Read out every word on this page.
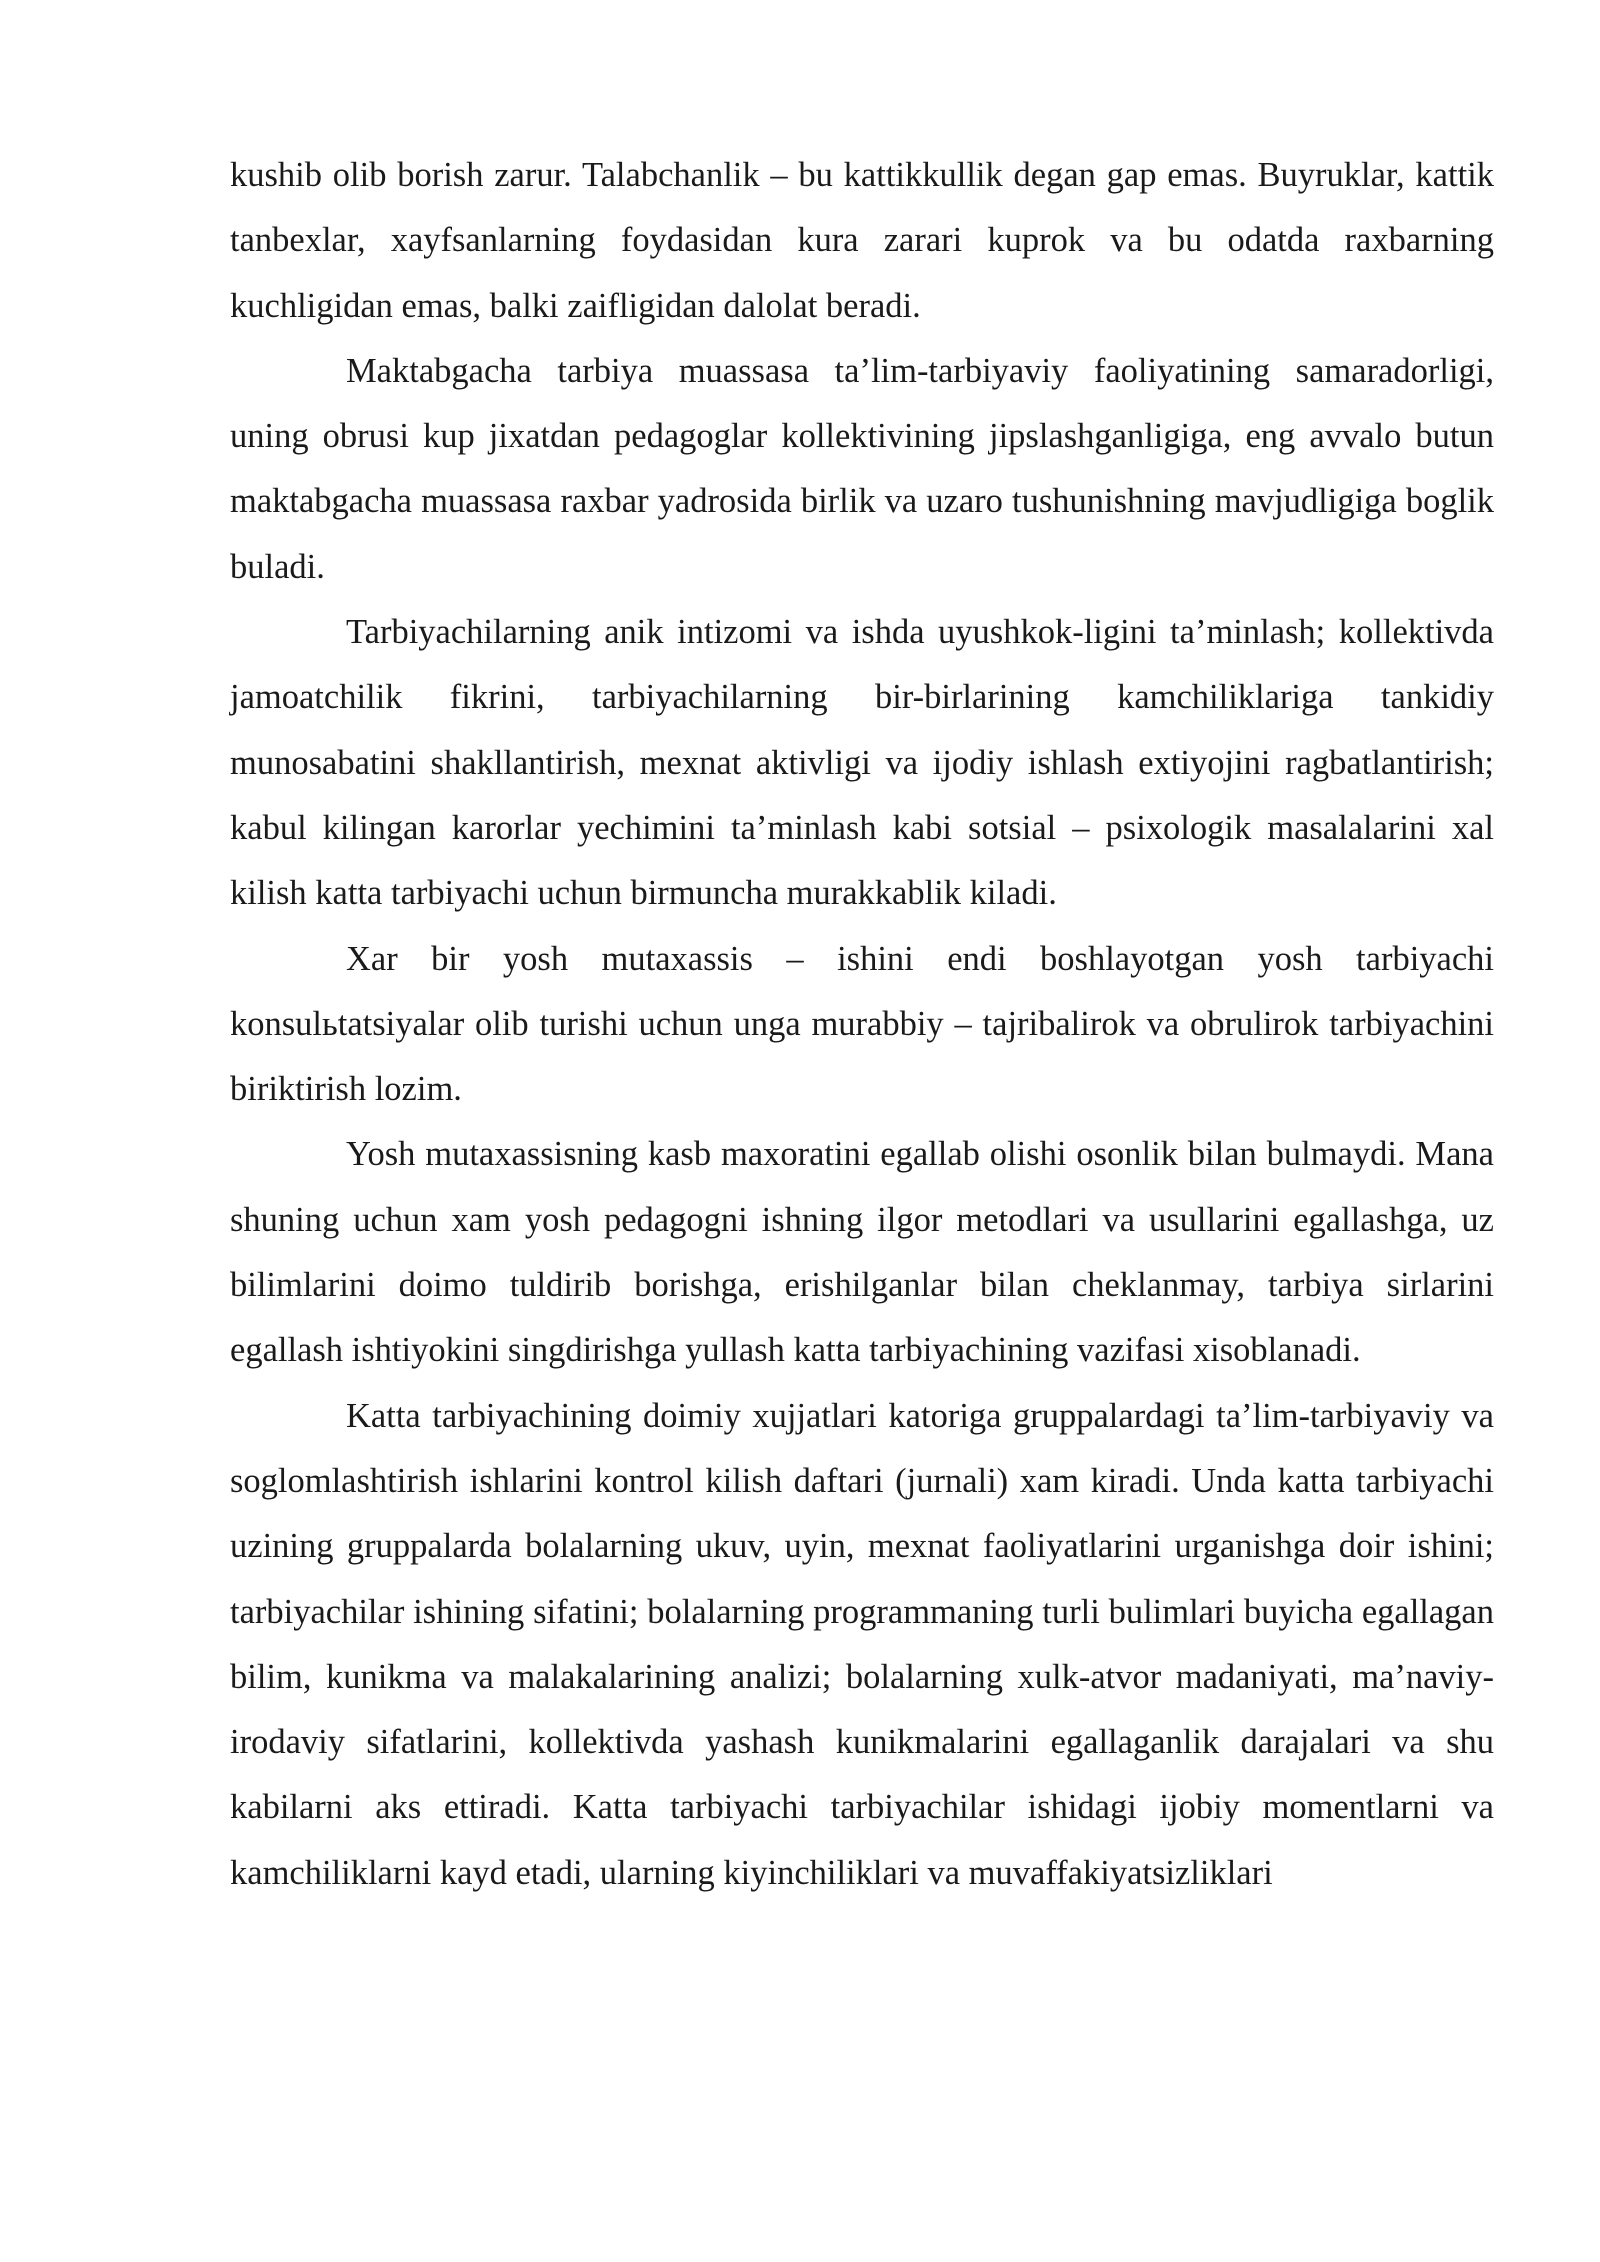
kushib olib borish zarur. Talabchanlik – bu kattikkullik degan gap emas. Buyruklar, kattik tanbexlar, xayfsanlarning foydasidan kura zarari kuprok va bu odatda raxbarning kuchligidan emas, balki zaifligidan dalolat beradi.

Maktabgacha tarbiya muassasa ta’lim-tarbiyaviy faoliyatining samaradorligi, uning obrusi kup jixatdan pedagoglar kollektivining jipslashganligiga, eng avvalo butun maktabgacha muassasa raxbar yadrosida birlik va uzaro tushunishning mavjudligiga boglik buladi.

Tarbiyachilarning anik intizomi va ishda uyushkok-ligini ta’minlash; kollektivda jamoatchilik fikrini, tarbiyachilarning bir-birlarining kamchiliklariga tankidiy munosabatini shakllantirish, mexnat aktivligi va ijodiy ishlash extiyojini ragbatlantirish; kabul kilingan karorlar yechimini ta’minlash kabi sotsial – psixologik masalalarini xal kilish katta tarbiyachi uchun birmuncha murakkablik kiladi.

Xar bir yosh mutaxassis – ishini endi boshlayotgan yosh tarbiyachi konsulьtatsiyalar olib turishi uchun unga murabbiy – tajribalirok va obrulirok tarbiyachini biriktirish lozim.

Yosh mutaxassisning kasb maxoratini egallab olishi osonlik bilan bulmaydi. Mana shuning uchun xam yosh pedagogni ishning ilgor metodlari va usullarini egallashga, uz bilimlarini doimo tuldirib borishga, erishilganlar bilan cheklanmay, tarbiya sirlarini egallash ishtiyokini singdirishga yullash katta tarbiyachining vazifasi xisoblanadi.

Katta tarbiyachining doimiy xujjatlari katoriga gruppalardagi ta’lim-tarbiyaviy va soglomlashtirish ishlarini kontrol kilish daftari (jurnali) xam kiradi. Unda katta tarbiyachi uzining gruppalarda bolalarning ukuv, uyin, mexnat faoliyatlarini urganishga doir ishini; tarbiyachilar ishining sifatini; bolalarning programmaning turli bulimlari buyicha egallagan bilim, kunikma va malakalarining analizi; bolalarning xulk-atvor madaniyati, ma’naviy-irodaviy sifatlarini, kollektivda yashash kunikmalarini egallaganlik darajalari va shu kabilarni aks ettiradi. Katta tarbiyachi tarbiyachilar ishidagi ijobiy momentlarni va kamchiliklarni kayd etadi, ularning kiyinchiliklari va muvaffakiyatsizliklari
